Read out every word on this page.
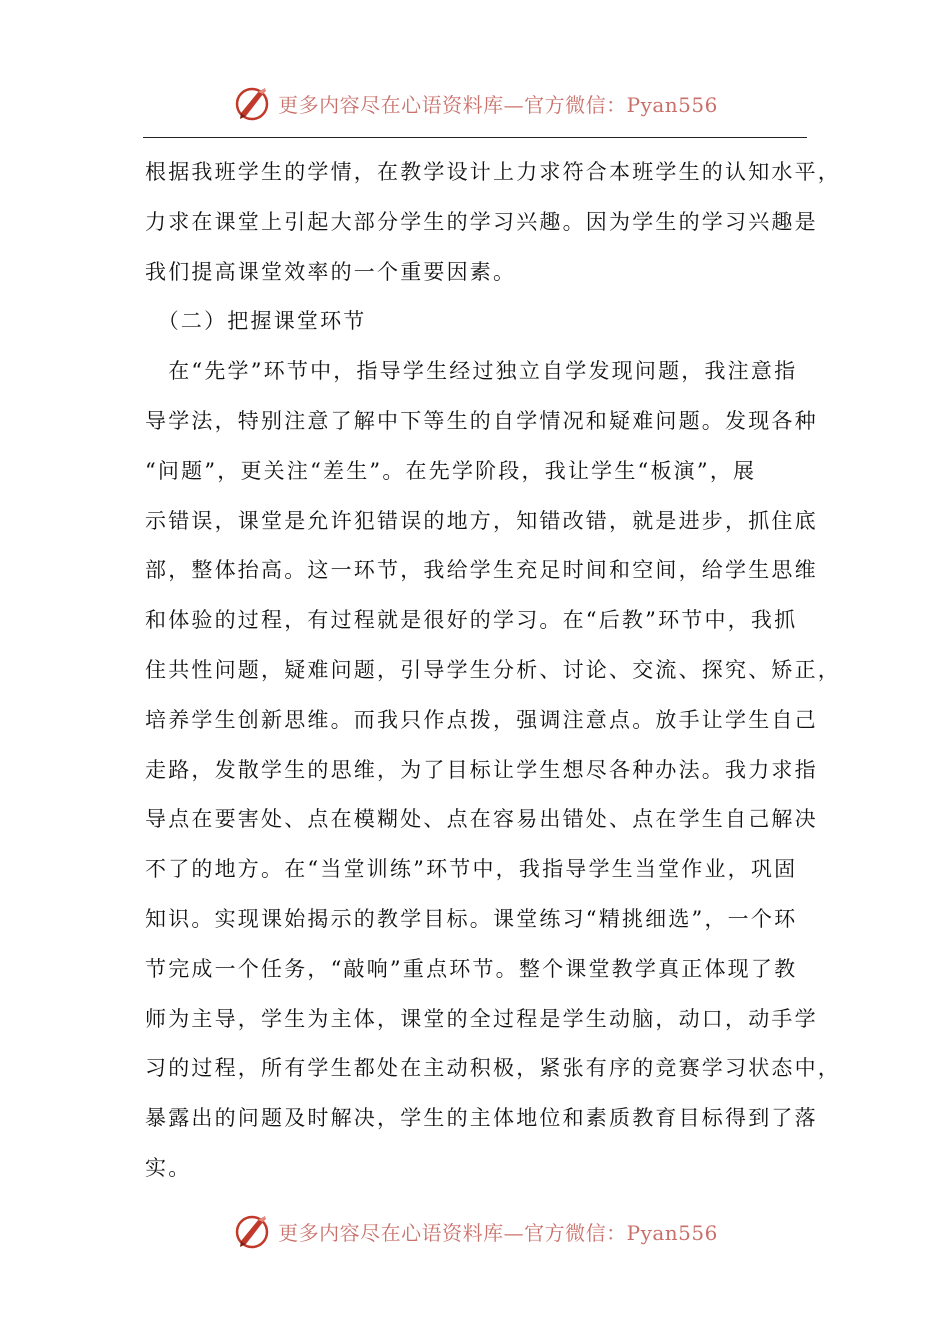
更多内容尽在心语资料库—官方微信：Pyan556
根据我班学生的学情，在教学设计上力求符合本班学生的认知水平，
力求在课堂上引起大部分学生的学习兴趣。因为学生的学习兴趣是
我们提高课堂效率的一个重要因素。
　（二）把握课堂环节
　在“先学”环节中，指导学生经过独立自学发现问题，我注意指
导学法，特别注意了解中下等生的自学情况和疑难问题。发现各种
“问题”，更关注“差生”。在先学阶段，我让学生“板演”，展
示错误，课堂是允许犯错误的地方，知错改错，就是进步，抓住底
部，整体抬高。这一环节，我给学生充足时间和空间，给学生思维
和体验的过程，有过程就是很好的学习。在“后教”环节中，我抓
住共性问题，疑难问题，引导学生分析、讨论、交流、探究、矫正，
培养学生创新思维。而我只作点拨，强调注意点。放手让学生自己
走路，发散学生的思维，为了目标让学生想尽各种办法。我力求指
导点在要害处、点在模糊处、点在容易出错处、点在学生自己解决
不了的地方。在“当堂训练”环节中，我指导学生当堂作业，巩固
知识。实现课始揭示的教学目标。课堂练习“精挑细选”，一个环
节完成一个任务，“敲响”重点环节。整个课堂教学真正体现了教
师为主导，学生为主体，课堂的全过程是学生动脑，动口，动手学
习的过程，所有学生都处在主动积极，紧张有序的竞赛学习状态中，
暴露出的问题及时解决，学生的主体地位和素质教育目标得到了落
实。
更多内容尽在心语资料库—官方微信：Pyan556
